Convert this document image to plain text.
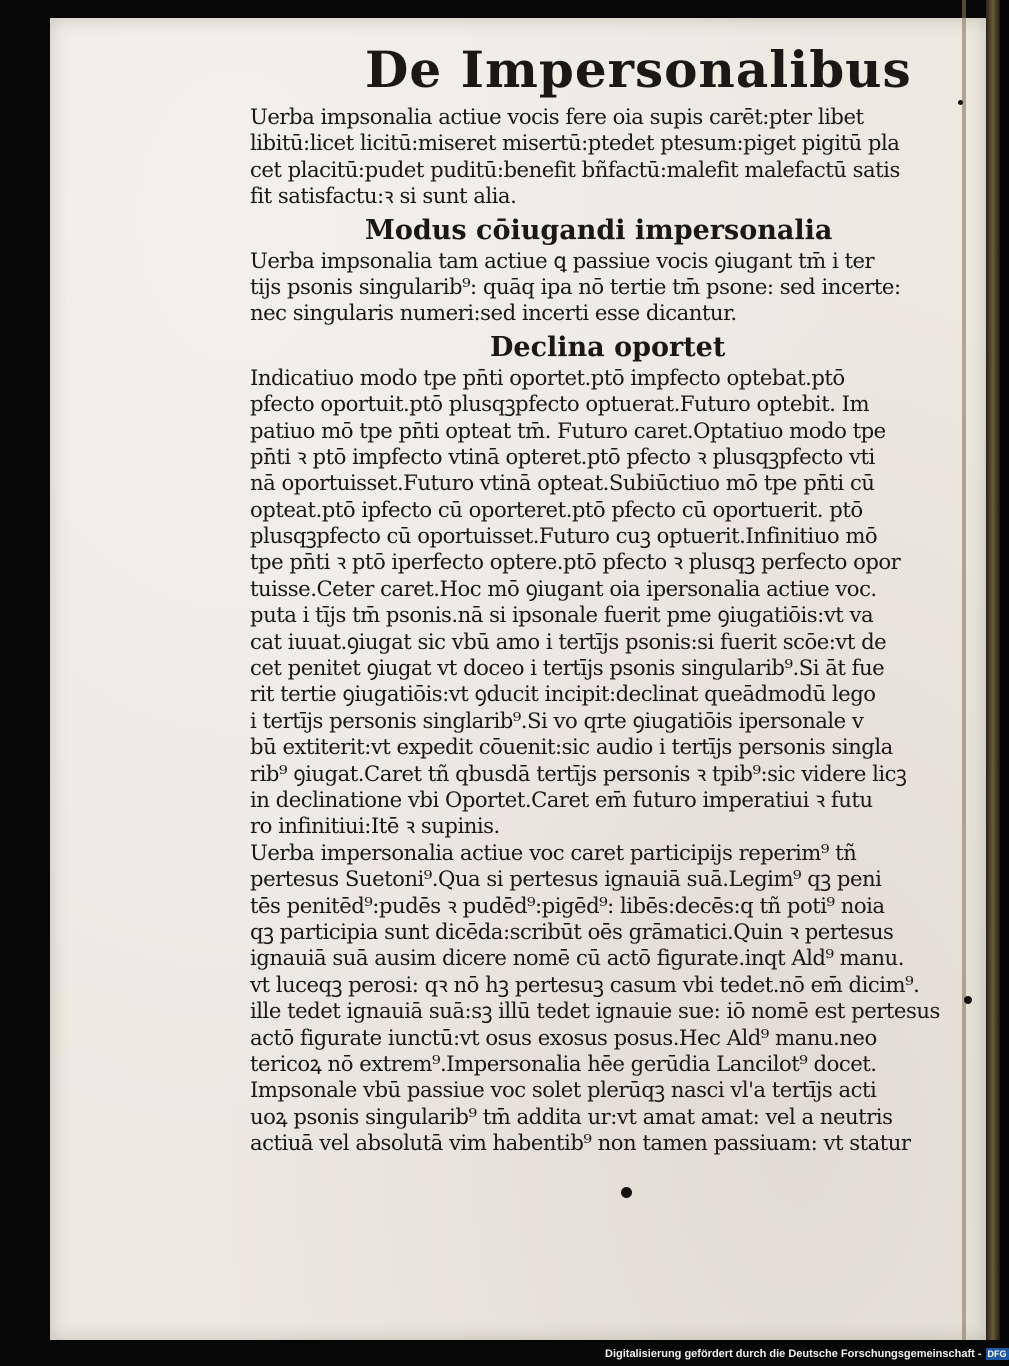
De Impersonalibus
Uerba impsonalia actiue vocis fere oia supis carēt:pter libet
libitū:licet licitū:miseret misertū:ptedet ptesum:piget pigitū pla
cet placitū:pudet puditū:benefit bñfactū:malefit malefactū satis
fit satisfactu:ꝛ si sunt alia.
Modus cōiugandi impersonalia
Uerba impsonalia tam actiue ꝗ passiue vocis ꝯiugant tm̄ i ter
tijs psonis singularib⁹: quāq ipa nō tertie tm̄ psone: sed incerte:
nec singularis numeri:sed incerti esse dicantur.
Declina oportet
Indicatiuo modo tpe pn̄ti oportet.ptō impfecto optebat.ptō
pfecto oportuit.ptō plusqꝫpfecto optuerat.Futuro optebit. Im
patiuo mō tpe pn̄ti opteat tm̄. Futuro caret.Optatiuo modo tpe
pn̄ti ꝛ ptō impfecto vtinā opteret.ptō pfecto ꝛ plusqꝫpfecto vti
nā oportuisset.Futuro vtinā opteat.Subiūctiuo mō tpe pn̄ti cū
opteat.ptō ipfecto cū oporteret.ptō pfecto cū oportuerit. ptō
plusqꝫpfecto cū oportuisset.Futuro cuꝫ optuerit.Infinitiuo mō
tpe pn̄ti ꝛ ptō iperfecto optere.ptō pfecto ꝛ plusqꝫ perfecto opor
tuisse.Ceter caret.Hoc mō ꝯiugant oia ipersonalia actiue voc.
puta i tījs tm̄ psonis.nā si ipsonale fuerit pme ꝯiugatiōis:vt va
cat iuuat.ꝯiugat sic vbū amo i tertījs psonis:si fuerit scōe:vt de
cet penitet ꝯiugat vt doceo i tertījs psonis singularib⁹.Si āt fue
rit tertie ꝯiugatiōis:vt ꝯducit incipit:declinat queādmodū lego
i tertījs personis singlarib⁹.Si vo qrte ꝯiugatiōis ipersonale v
bū extiterit:vt expedit cōuenit:sic audio i tertījs personis singla
rib⁹ ꝯiugat.Caret tñ qbusdā tertījs personis ꝛ tpib⁹:sic videre licꝫ
in declinatione vbi Oportet.Caret em̄ futuro imperatiui ꝛ futu
ro infinitiui:Itē ꝛ supinis.
Uerba impersonalia actiue voc caret participijs reperim⁹ tñ
pertesus Suetoni⁹.Qua si pertesus ignauiā suā.Legim⁹ qꝫ peni
tēs penitēd⁹:pudēs ꝛ pudēd⁹:pigēd⁹: libēs:decēs:q tñ poti⁹ noia
qꝫ participia sunt dicēda:scribūt oēs grāmatici.Quin ꝛ pertesus
ignauiā suā ausim dicere nomē cū actō figurate.inqt Ald⁹ manu.
vt luceqꝫ perosi: qꝛ nō hꝫ pertesuꝫ casum vbi tedet.nō em̄ dicim⁹.
ille tedet ignauiā suā:sꝫ illū tedet ignauie sue: iō nomē est pertesus
actō figurate iunctū:vt osus exosus posus.Hec Ald⁹ manu.neo
tericoꝝ nō extrem⁹.Impersonalia hēe gerūdia Lancilot⁹ docet.
Impsonale vbū passiue voc solet plerūqꝫ nasci vl'a tertījs acti
uoꝝ psonis singularib⁹ tm̄ addita ur:vt amat amat: vel a neutris
actiuā vel absolutā vim habentib⁹ non tamen passiuam: vt statur
Digitalisierung gefördert durch die Deutsche Forschungsgemeinschaft - DFG
